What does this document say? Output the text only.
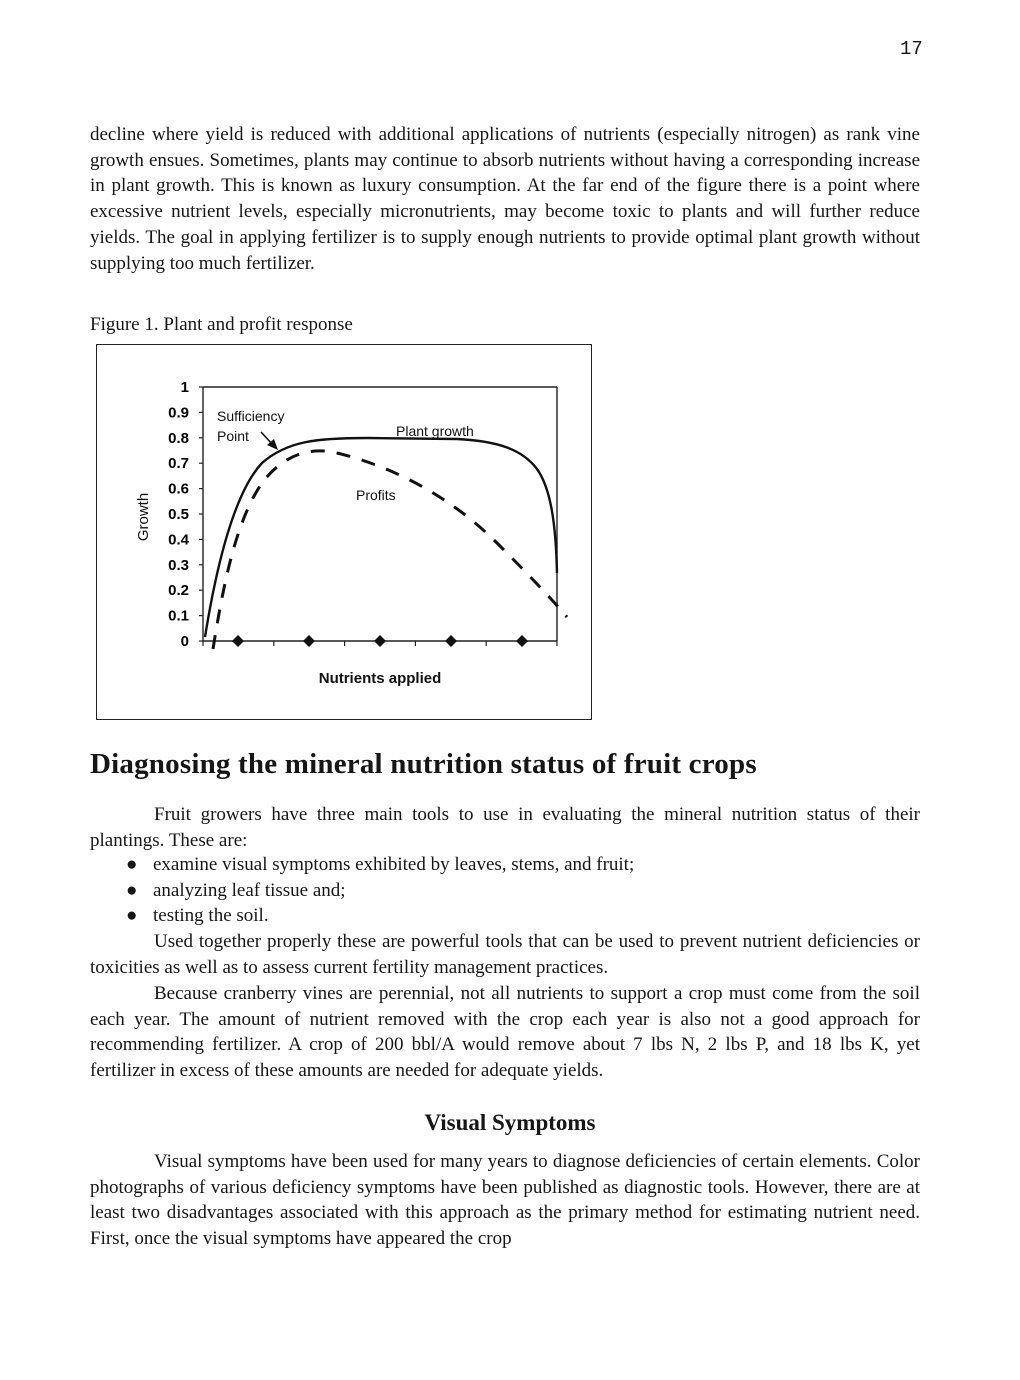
17

decline where yield is reduced with additional applications of nutrients (especially nitrogen) as rank vine growth ensues. Sometimes, plants may continue to absorb nutrients without having a corresponding increase in plant growth. This is known as luxury consumption. At the far end of the figure there is a point where excessive nutrient levels, especially micronutrients, may become toxic to plants and will further reduce yields. The goal in applying fertilizer is to supply enough nutrients to provide optimal plant growth without supplying too much fertilizer.

Figure 1. Plant and profit response
0
0.1
0.2
0.3
0.4
0.5
0.6
0.7
0.8
0.9
1
Sufficiency Point	Plant growth
Profits
Nutrients applied
Growth
Diagnosing the mineral nutrition status of fruit crops

Fruit growers have three main tools to use in evaluating the mineral nutrition status of their plantings. These are:

● examine visual symptoms exhibited by leaves, stems, and fruit;
● analyzing leaf tissue and;
● testing the soil.

Used together properly these are powerful tools that can be used to prevent nutrient deficiencies or toxicities as well as to assess current fertility management practices.

Because cranberry vines are perennial, not all nutrients to support a crop must come from the soil each year. The amount of nutrient removed with the crop each year is also not a good approach for recommending fertilizer. A crop of 200 bbl/A would remove about 7 lbs N, 2 lbs P, and 18 lbs K, yet fertilizer in excess of these amounts are needed for adequate yields.

Visual Symptoms

Visual symptoms have been used for many years to diagnose deficiencies of certain elements. Color photographs of various deficiency symptoms have been published as diagnostic tools. However, there are at least two disadvantages associated with this approach as the primary method for estimating nutrient need. First, once the visual symptoms have appeared the crop
